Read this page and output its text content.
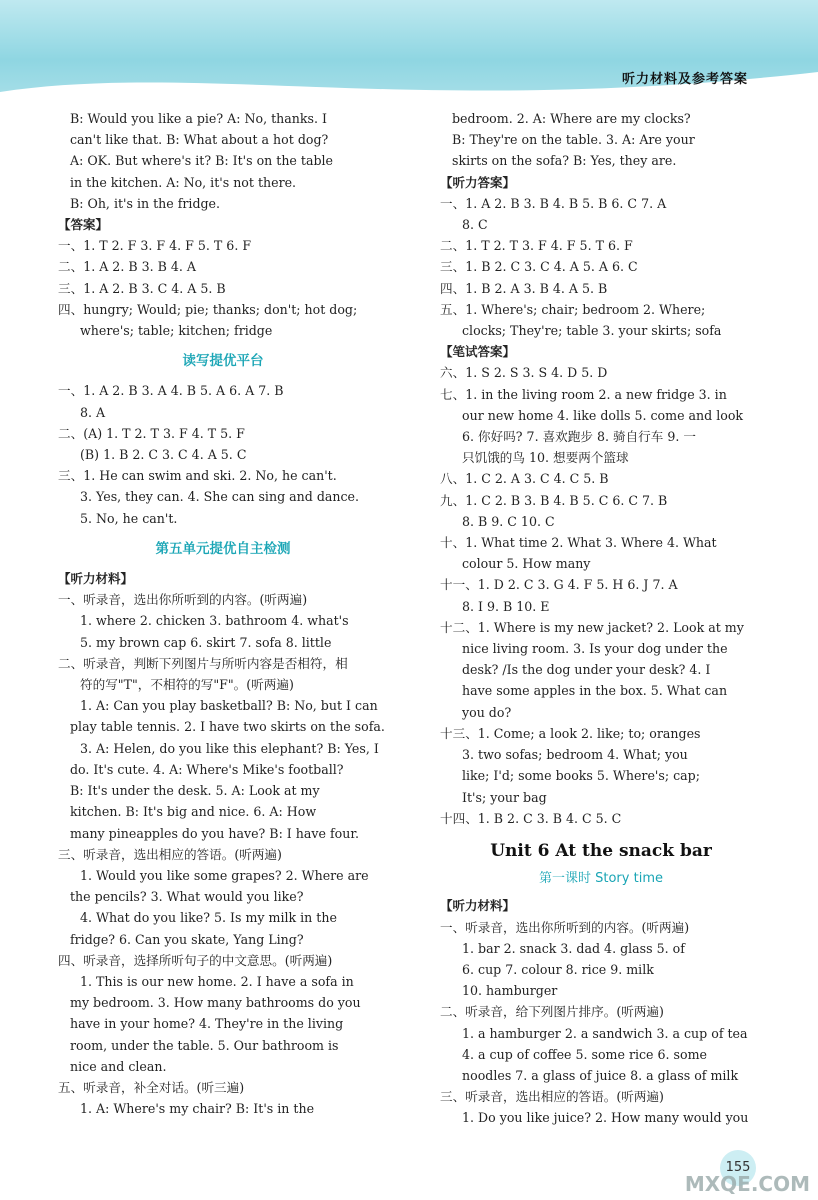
听力材料及参考答案
B: Would you like a pie? A: No, thanks. I
can't like that. B: What about a hot dog?
A: OK. But where's it? B: It's on the table
in the kitchen. A: No, it's not there.
B: Oh, it's in the fridge.
【答案】
一、1. T 2. F 3. F 4. F 5. T 6. F
二、1. A 2. B 3. B 4. A
三、1. A 2. B 3. C 4. A 5. B
四、hungry; Would; pie; thanks; don't; hot dog;
where's; table; kitchen; fridge
读写提优平台
一、1. A 2. B 3. A 4. B 5. A 6. A 7. B
8. A
二、(A) 1. T 2. T 3. F 4. T 5. F
(B) 1. B 2. C 3. C 4. A 5. C
三、1. He can swim and ski. 2. No, he can't.
3. Yes, they can. 4. She can sing and dance.
5. No, he can't.
第五单元提优自主检测
【听力材料】
一、听录音，选出你所听到的内容。(听两遍)
1. where 2. chicken 3. bathroom 4. what's
5. my brown cap 6. skirt 7. sofa 8. little
二、听录音，判断下列图片与所听内容是否相符，相
符的写"T"，不相符的写"F"。(听两遍)
1. A: Can you play basketball? B: No, but I can
play table tennis. 2. I have two skirts on the sofa.
3. A: Helen, do you like this elephant? B: Yes, I
do. It's cute. 4. A: Where's Mike's football?
B: It's under the desk. 5. A: Look at my
kitchen. B: It's big and nice. 6. A: How
many pineapples do you have? B: I have four.
三、听录音，选出相应的答语。(听两遍)
1. Would you like some grapes? 2. Where are
the pencils? 3. What would you like?
4. What do you like? 5. Is my milk in the
fridge? 6. Can you skate, Yang Ling?
四、听录音，选择所听句子的中文意思。(听两遍)
1. This is our new home. 2. I have a sofa in
my bedroom. 3. How many bathrooms do you
have in your home? 4. They're in the living
room, under the table. 5. Our bathroom is
nice and clean.
五、听录音，补全对话。(听三遍)
1. A: Where's my chair? B: It's in the
bedroom. 2. A: Where are my clocks?
B: They're on the table. 3. A: Are your
skirts on the sofa? B: Yes, they are.
【听力答案】
一、1. A 2. B 3. B 4. B 5. B 6. C 7. A
8. C
二、1. T 2. T 3. F 4. F 5. T 6. F
三、1. B 2. C 3. C 4. A 5. A 6. C
四、1. B 2. A 3. B 4. A 5. B
五、1. Where's; chair; bedroom 2. Where;
clocks; They're; table 3. your skirts; sofa
【笔试答案】
六、1. S 2. S 3. S 4. D 5. D
七、1. in the living room 2. a new fridge 3. in
our new home 4. like dolls 5. come and look
6. 你好吗? 7. 喜欢跑步 8. 骑自行车 9. 一
只饥饿的鸟 10. 想要两个篮球
八、1. C 2. A 3. C 4. C 5. B
九、1. C 2. B 3. B 4. B 5. C 6. C 7. B
8. B 9. C 10. C
十、1. What time 2. What 3. Where 4. What
colour 5. How many
十一、1. D 2. C 3. G 4. F 5. H 6. J 7. A
8. I 9. B 10. E
十二、1. Where is my new jacket? 2. Look at my
nice living room. 3. Is your dog under the
desk? /Is the dog under your desk? 4. I
have some apples in the box. 5. What can
you do?
十三、1. Come; a look 2. like; to; oranges
3. two sofas; bedroom 4. What; you
like; I'd; some books 5. Where's; cap;
It's; your bag
十四、1. B 2. C 3. B 4. C 5. C
Unit 6 At the snack bar
第一课时 Story time
【听力材料】
一、听录音，选出你所听到的内容。(听两遍)
1. bar 2. snack 3. dad 4. glass 5. of
6. cup 7. colour 8. rice 9. milk
10. hamburger
二、听录音，给下列图片排序。(听两遍)
1. a hamburger 2. a sandwich 3. a cup of tea
4. a cup of coffee 5. some rice 6. some
noodles 7. a glass of juice 8. a glass of milk
三、听录音，选出相应的答语。(听两遍)
1. Do you like juice? 2. How many would you
155
MXQE.COM
